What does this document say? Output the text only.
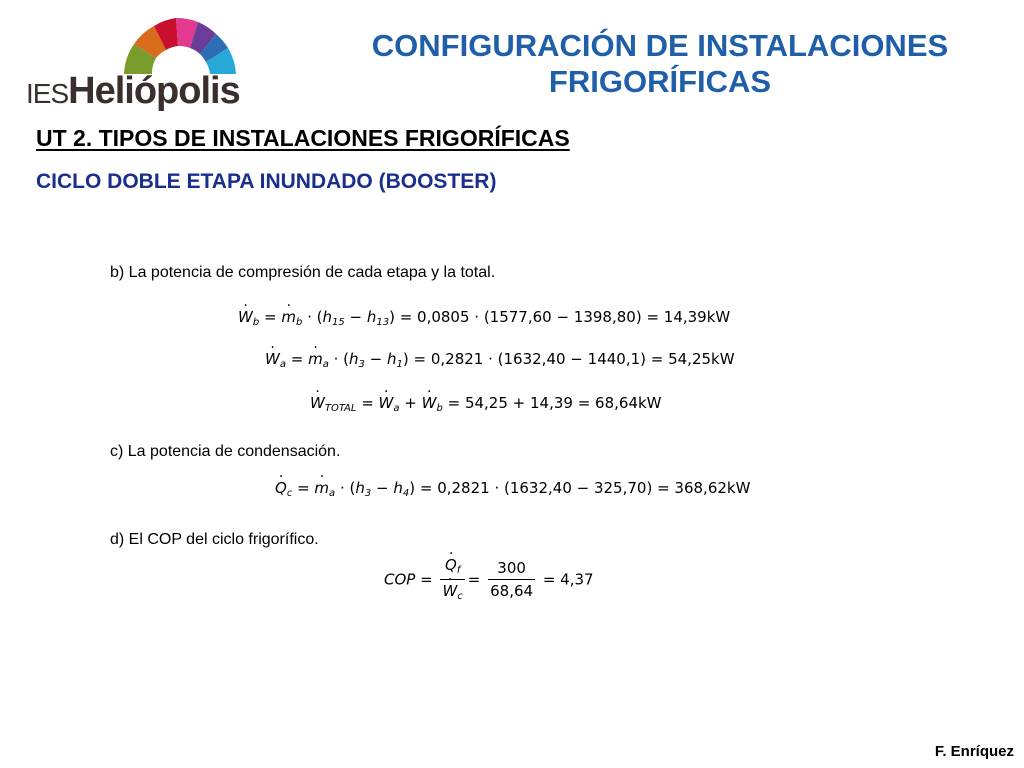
IESHeliópolis
CONFIGURACIÓN DE INSTALACIONES
FRIGORÍFICAS
UT 2. TIPOS DE INSTALACIONES FRIGORÍFICAS
CICLO DOBLE ETAPA INUNDADO (BOOSTER)
b) La potencia de compresión de cada etapa y la total.
· $W_b$ = · $m_b \cdot (h_{15} - h_{13}) = 0,0805 \cdot (1577,60 - 1398,80) = 14,39kW$
· $W_a$ = · $m_a \cdot (h_3 - h_1) = 0,2821 \cdot (1632,40 - 1440,1) = 54,25kW$
· $W_{TOTAL}$ = · $W_a$ + · $W_b = 54,25 + 14,39 = 68,64kW$
c) La potencia de condensación.
· $Q_c$ = · $m_a \cdot (h_3 - h_4) = 0,2821 \cdot (1632,40 - 325,70) = 368,62kW$
d) El COP del ciclo frigorífico.
COP =
· $Q_f$
· $W_c = \frac{300}{68,64} = 4,37$
F. Enríquez
